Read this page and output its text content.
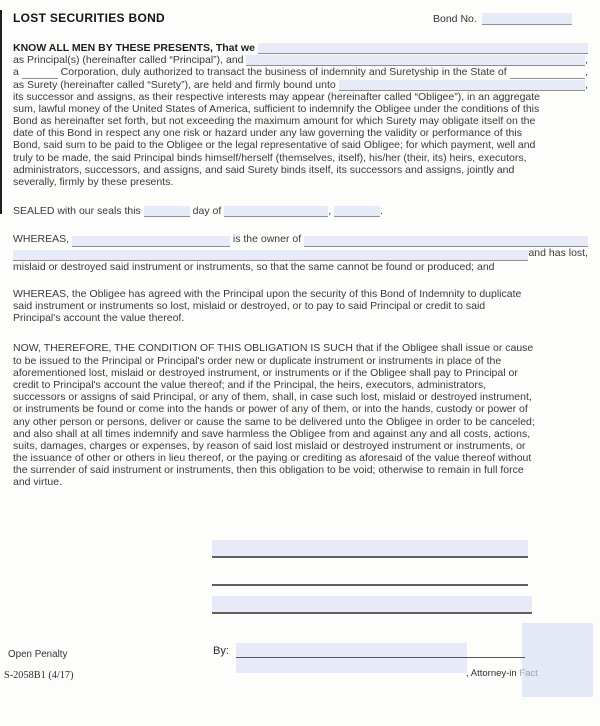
LOST SECURITIES BOND	Bond No.
KNOW ALL MEN BY THESE PRESENTS, That we
as Principal(s) (hereinafter called “Principal”), and	,
a	Corporation, duly authorized to transact the business of indemnity and Suretyship in the State of	,
as Surety (hereinafter called “Surety”), are held and firmly bound unto	,
its successor and assigns, as their respective interests may appear (hereinafter called “Obligee”), in an aggregate
sum, lawful money of the United States of America, sufficient to indemnify the Obligee under the conditions of this
Bond as hereinafter set forth, but not exceeding the maximum amount for which Surety may obligate itself on the
date of this Bond in respect any one risk or hazard under any law governing the validity or performance of this
Bond, said sum to be paid to the Obligee or the legal representative of said Obligee; for which payment, well and
truly to be made, the said Principal binds himself/herself (themselves, itself), his/her (their, its) heirs, executors,
administrators, successors, and assigns, and said Surety binds itself, its successors and assigns, jointly and
severally, firmly by these presents.
SEALED with our seals this	day of	,	.
WHEREAS,	is the owner of
and has lost,
mislaid or destroyed said instrument or instruments, so that the same cannot be found or produced; and
WHEREAS, the Obligee has agreed with the Principal upon the security of this Bond of Indemnity to duplicate
said instrument or instruments so lost, mislaid or destroyed, or to pay to said Principal or credit to said
Principal's account the value thereof.
NOW, THEREFORE, THE CONDITION OF THIS OBLIGATION IS SUCH that if the Obligee shall issue or cause
to be issued to the Principal or Principal's order new or duplicate instrument or instruments in place of the
aforementioned lost, mislaid or destroyed instrument, or instruments or if the Obligee shall pay to Principal or
credit to Principal's account the value thereof; and if the Principal, the heirs, executors, administrators,
successors or assigns of said Principal, or any of them, shall, in case such lost, mislaid or destroyed instrument,
or instruments be found or come into the hands or power of any of them, or into the hands, custody or power of
any other person or persons, deliver or cause the same to be delivered unto the Obligee in order to be canceled;
and also shall at all times indemnify and save harmless the Obligee from and against any and all costs, actions,
suits, damages, charges or expenses, by reason of said lost mislaid or destroyed instrument or instruments, or
the issuance of other or others in lieu thereof, or the paying or crediting as aforesaid of the value thereof without
the surrender of said instrument or instruments, then this obligation to be void; otherwise to remain in full force
and virtue.
By:
, Attorney-in Fact
Open Penalty
S-2058B1 (4/17)
